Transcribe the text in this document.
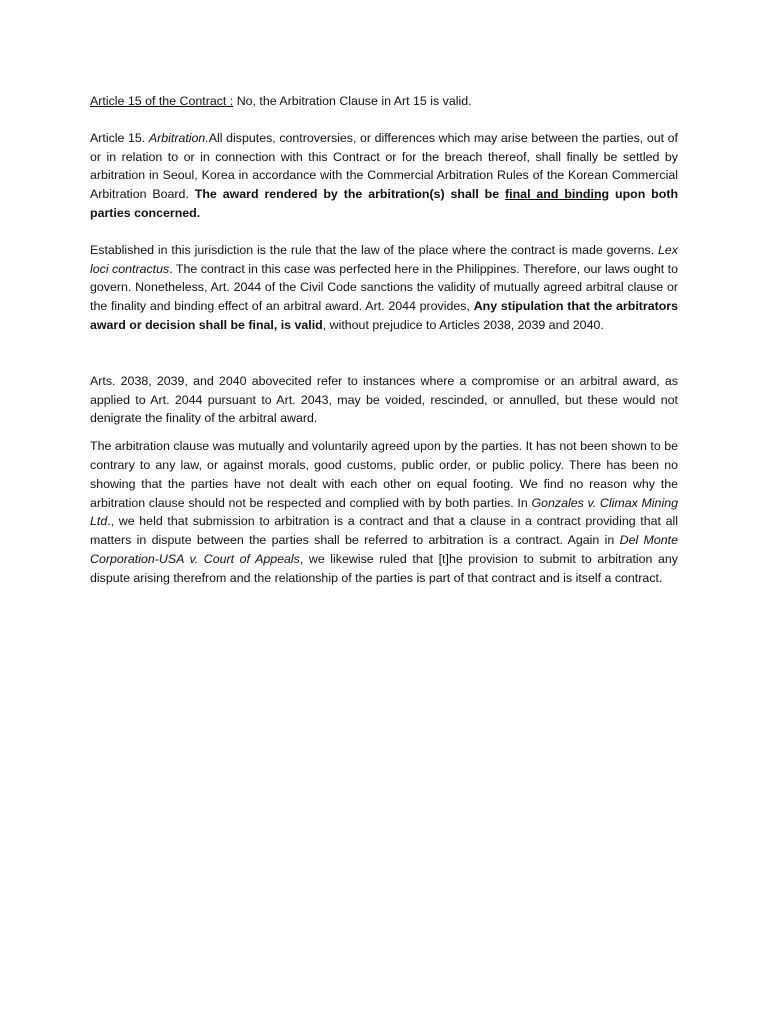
Article 15 of the Contract : No, the Arbitration Clause in Art 15 is valid.

Article 15. Arbitration.All disputes, controversies, or differences which may arise between the parties, out of or in relation to or in connection with this Contract or for the breach thereof, shall finally be settled by arbitration in Seoul, Korea in accordance with the Commercial Arbitration Rules of the Korean Commercial Arbitration Board. The award rendered by the arbitration(s) shall be final and binding upon both parties concerned.

Established in this jurisdiction is the rule that the law of the place where the contract is made governs. Lex loci contractus. The contract in this case was perfected here in the Philippines. Therefore, our laws ought to govern. Nonetheless, Art. 2044 of the Civil Code sanctions the validity of mutually agreed arbitral clause or the finality and binding effect of an arbitral award. Art. 2044 provides, Any stipulation that the arbitrators award or decision shall be final, is valid, without prejudice to Articles 2038, 2039 and 2040.

Arts. 2038, 2039, and 2040 abovecited refer to instances where a compromise or an arbitral award, as applied to Art. 2044 pursuant to Art. 2043, may be voided, rescinded, or annulled, but these would not denigrate the finality of the arbitral award.

The arbitration clause was mutually and voluntarily agreed upon by the parties. It has not been shown to be contrary to any law, or against morals, good customs, public order, or public policy. There has been no showing that the parties have not dealt with each other on equal footing. We find no reason why the arbitration clause should not be respected and complied with by both parties. In Gonzales v. Climax Mining Ltd., we held that submission to arbitration is a contract and that a clause in a contract providing that all matters in dispute between the parties shall be referred to arbitration is a contract. Again in Del Monte Corporation-USA v. Court of Appeals, we likewise ruled that [t]he provision to submit to arbitration any dispute arising therefrom and the relationship of the parties is part of that contract and is itself a contract.
